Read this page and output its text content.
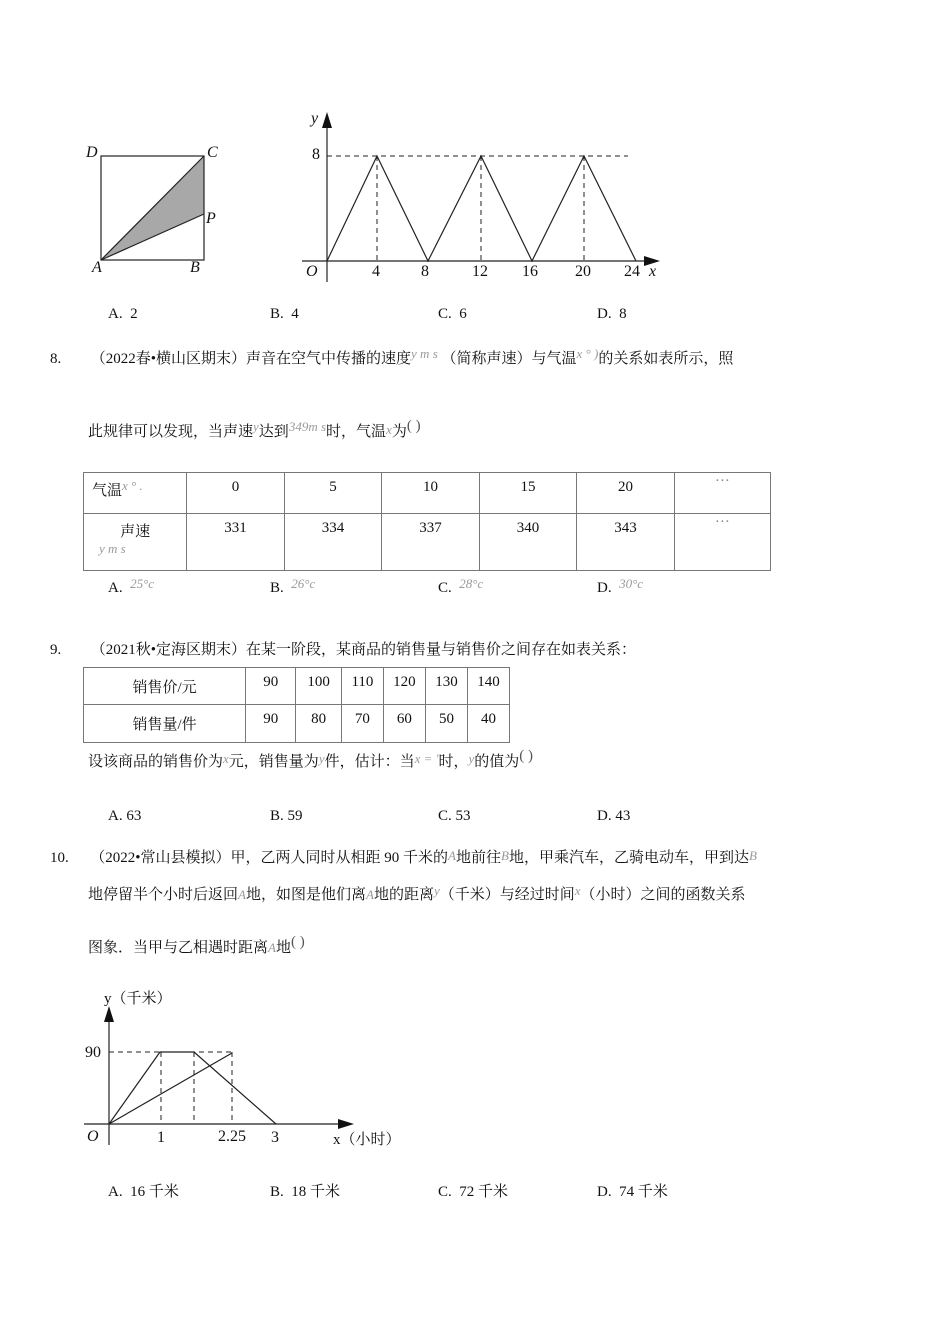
D	C
P
A	B
y
8
O	4	8	12 16 20 24 x
A. 2	B. 4	C. 6	D. 8
8. （2022春•横山区期末）声音在空气中传播的速度y m s （简称声速）与气温x ° )的关系如表所示，照
此规律可以发现，当声速y达到349m s时，气温x为( )
气温x ° .	0	5	10	15	20	···

声速
y m s	331	334	337	340	343	···
A. 25°c	B. 26°c	C. 28°c	D. 30°c
9. （2021秋•定海区期末）在某一阶段，某商品的销售量与销售价之间存在如表关系：
销售价/元	90	100	110	120	130	140
销售量/件	90	80	70	60	50	40
设该商品的销售价为x元，销售量为y件，估计：当x = '时，y的值为( )
A. 63	B. 59	C. 53	D. 43
10. （2022•常山县模拟）甲，乙两人同时从相距 90 千米的A地前往B地，甲乘汽车，乙骑电动车，甲到达B
地停留半个小时后返回A地，如图是他们离A地的距离y（千米）与经过时间x（小时）之间的函数关系
图象．当甲与乙相遇时距离A地( )
y（千米）
90
O	1	2.25 3	x（小时）
A. 16 千米	B. 18 千米	C. 72 千米	D. 74 千米
